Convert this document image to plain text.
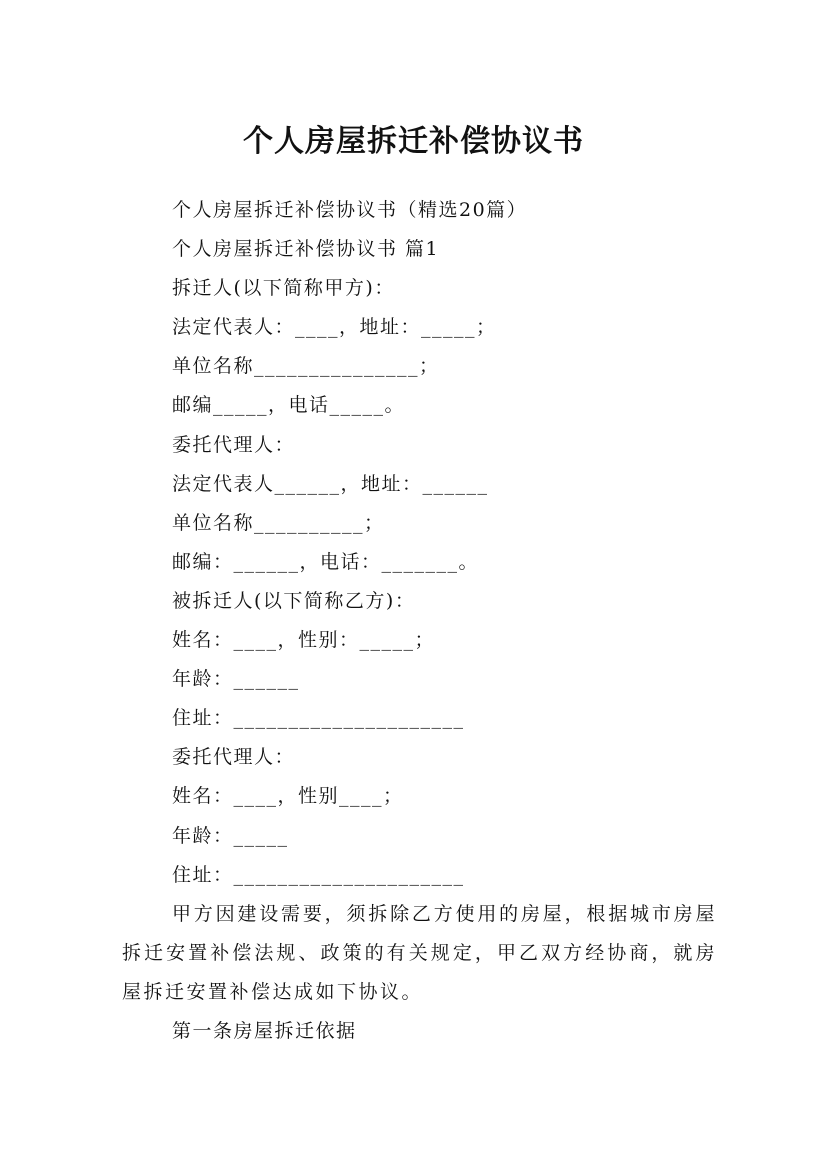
个人房屋拆迁补偿协议书

个人房屋拆迁补偿协议书（精选20篇）

个人房屋拆迁补偿协议书 篇1

拆迁人(以下简称甲方)：

法定代表人：____，地址：_____；

单位名称_______________；

邮编_____，电话_____。

委托代理人：

法定代表人______，地址：______

单位名称__________；

邮编：______，电话：_______。

被拆迁人(以下简称乙方)：

姓名：____，性别：_____；

年龄：______

住址：_____________________

委托代理人：

姓名：____，性别____；

年龄：_____

住址：_____________________

甲方因建设需要，须拆除乙方使用的房屋，根据城市房屋拆迁安置补偿法规、政策的有关规定，甲乙双方经协商，就房屋拆迁安置补偿达成如下协议。

第一条房屋拆迁依据
